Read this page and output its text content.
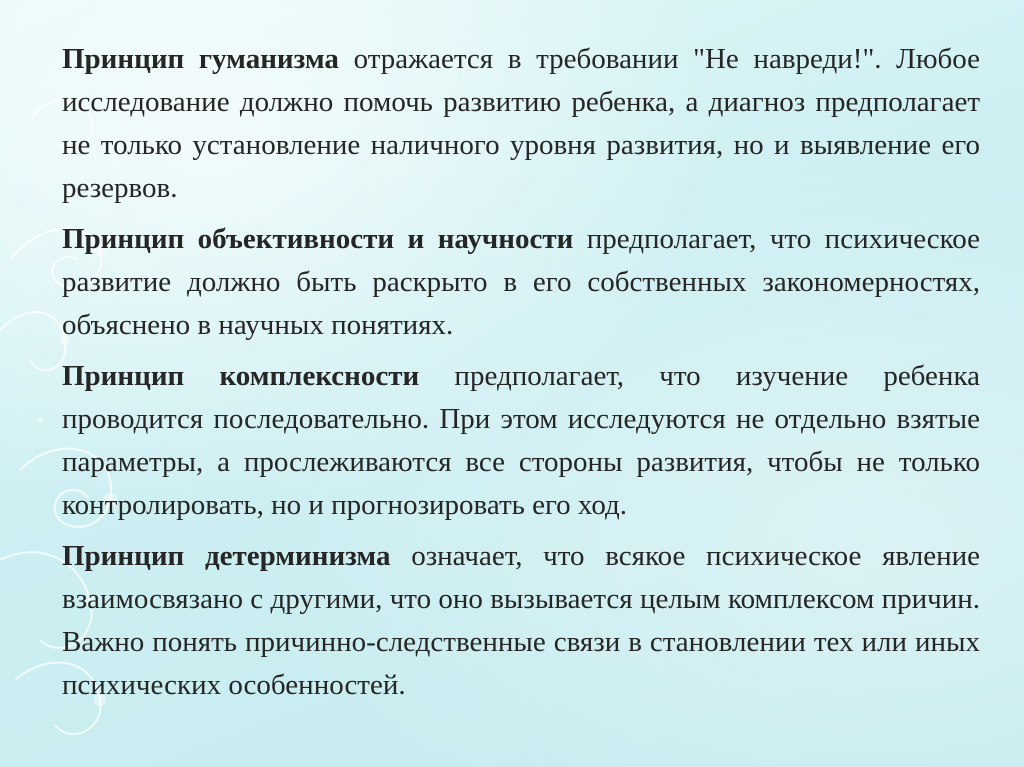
Принцип гуманизма отражается в требовании "Не навреди!". Любое исследование должно помочь развитию ребенка, а диагноз предполагает не только установление наличного уровня развития, но и выявление его резервов.

Принцип объективности и научности предполагает, что психическое развитие должно быть раскрыто в его собственных закономерностях, объяснено в научных понятиях.

Принцип комплексности предполагает, что изучение ребенка проводится последовательно. При этом исследуются не отдельно взятые параметры, а прослеживаются все стороны развития, чтобы не только контролировать, но и прогнозировать его ход.

Принцип детерминизма означает, что всякое психическое явление взаимосвязано с другими, что оно вызывается целым комплексом причин. Важно понять причинно-следственные связи в становлении тех или иных психических особенностей.
